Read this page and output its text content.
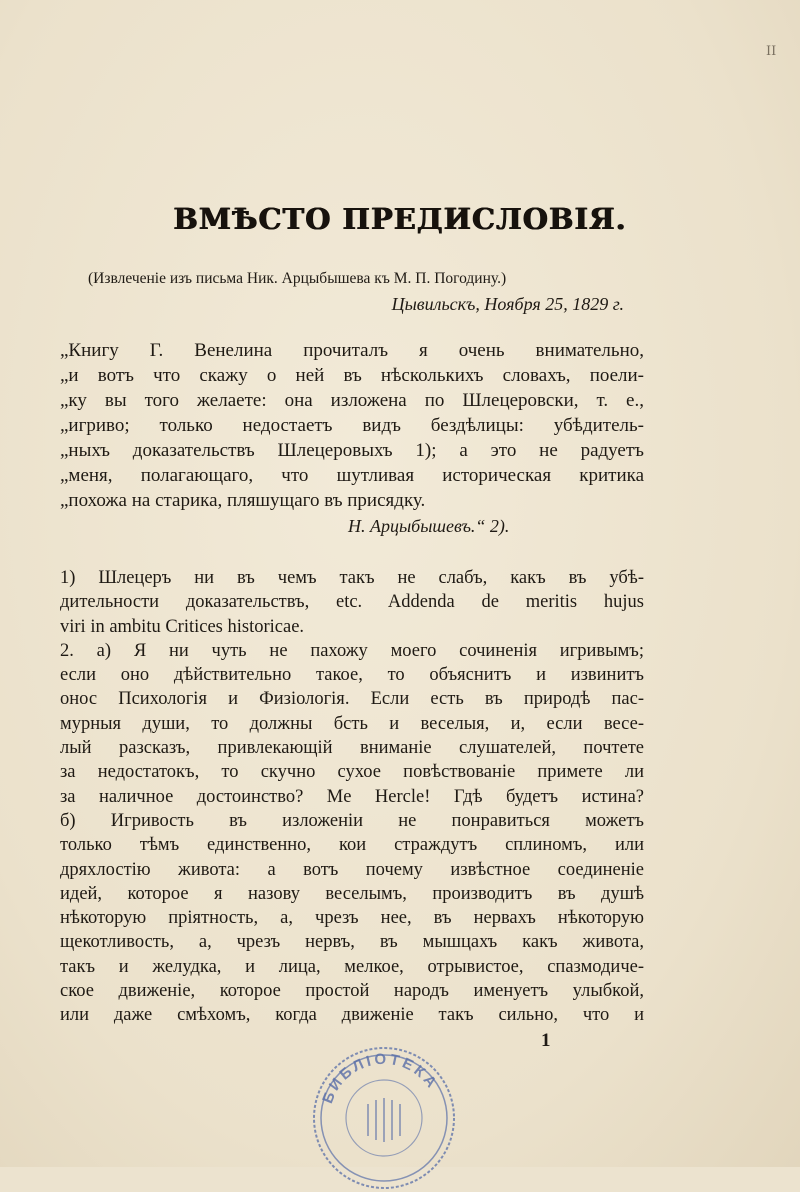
II
ВМѢСТО ПРЕДИСЛОВІЯ.
(Извлеченіе изъ письма Ник. Арцыбышева къ М. П. Погодину.)
Цывильскъ, Ноября 25, 1829 г.
„Книгу Г. Венелина прочиталъ я очень внимательно,
„и вотъ что скажу о ней въ нѣсколькихъ словахъ, поели-
„ку вы того желаете: она изложена по Шлецеровски, т. е.,
„игриво; только недостаетъ видъ бездѣлицы: убѣдитель-
„ныхъ доказательствъ Шлецеровыхъ 1); а это не радуетъ
„меня, полагающаго, что шутливая историческая критика
„похожа на старика, пляшущаго въ присядку.
Н. Арцыбышевъ.“ 2).
1) Шлецеръ ни въ чемъ такъ не слабъ, какъ въ убѣ-
дительности доказательствъ, etc. Addenda de meritis hujus
viri in ambitu Criticеs historicae.
2. а) Я ни чуть не пахожу моего сочиненія игривымъ;
если оно дѣйствительно такое, то объяснитъ и извинитъ
онос Психологія и Физіологія. Если есть въ природѣ пас-
мурныя души, то должны бсть и веселыя, и, если весе-
лый разсказъ, привлекающій вниманіе слушателей, почтете
за недостатокъ, то скучно сухое повѣствованіе примете ли
за наличное достоинство? Me Hercle! Гдѣ будетъ истина?
б) Игривость въ изложеніи не понравиться можетъ
только тѣмъ единственно, кои страждутъ сплиномъ, или
дряхлостію живота: а вотъ почему извѣстное соединеніе
идей, которое я назову веселымъ, производитъ въ душѣ
нѣкоторую пріятность, а, чрезъ нее, въ нервахъ нѣкоторую
щекотливость, а, чрезъ нервъ, въ мышцахъ какъ живота,
такъ и желудка, и лица, мелкое, отрывистое, спазмодиче-
ское движеніе, которое простой народъ именуетъ улыбкой,
или даже смѣхомъ, когда движеніе такъ сильно, что и
1
БИБЛІОТЕКА
